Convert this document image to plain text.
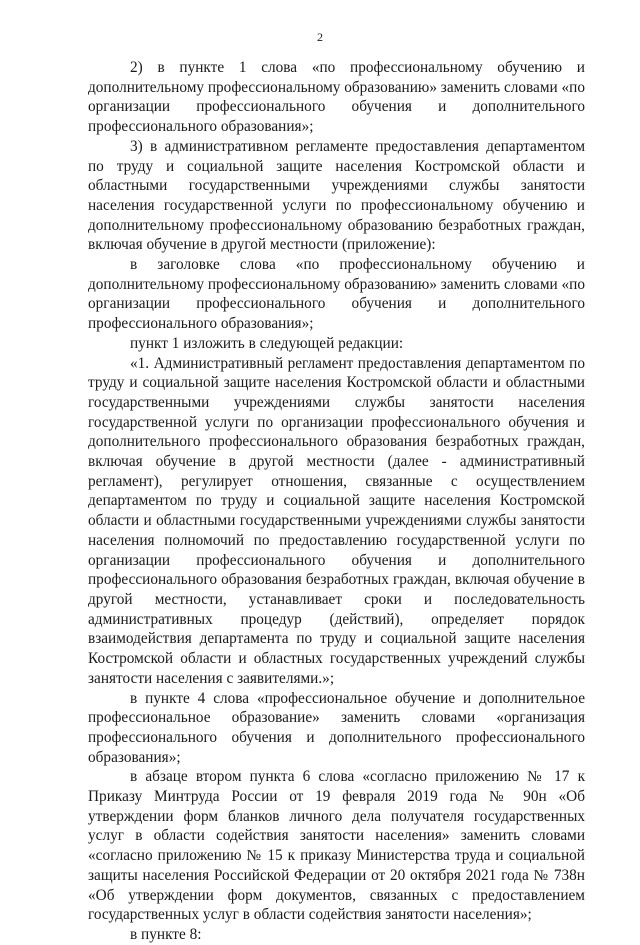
2

2) в пункте 1 слова «по профессиональному обучению и дополнительному профессиональному образованию» заменить словами «по организации профессионального обучения и дополнительного профессионального образования»;

3) в административном регламенте предоставления департаментом по труду и социальной защите населения Костромской области и областными государственными учреждениями службы занятости населения государственной услуги по профессиональному обучению и дополнительному профессиональному образованию безработных граждан, включая обучение в другой местности (приложение):

в заголовке слова «по профессиональному обучению и дополнительному профессиональному образованию» заменить словами «по организации профессионального обучения и дополнительного профессионального образования»;

пункт 1 изложить в следующей редакции:

«1. Административный регламент предоставления департаментом по труду и социальной защите населения Костромской области и областными государственными учреждениями службы занятости населения государственной услуги по организации профессионального обучения и дополнительного профессионального образования безработных граждан, включая обучение в другой местности (далее - административный регламент), регулирует отношения, связанные с осуществлением департаментом по труду и социальной защите населения Костромской области и областными государственными учреждениями службы занятости населения полномочий по предоставлению государственной услуги по организации профессионального обучения и дополнительного профессионального образования безработных граждан, включая обучение в другой местности, устанавливает сроки и последовательность административных процедур (действий), определяет порядок взаимодействия департамента по труду и социальной защите населения Костромской области и областных государственных учреждений службы занятости населения с заявителями.»;

в пункте 4 слова «профессиональное обучение и дополнительное профессиональное образование» заменить словами «организация профессионального обучения и дополнительного профессионального образования»;

в абзаце втором пункта 6 слова «согласно приложению № 17 к Приказу Минтруда России от 19 февраля 2019 года № 90н «Об утверждении форм бланков личного дела получателя государственных услуг в области содействия занятости населения» заменить словами «согласно приложению № 15 к приказу Министерства труда и социальной защиты населения Российской Федерации от 20 октября 2021 года № 738н «Об утверждении форм документов, связанных с предоставлением государственных услуг в области содействия занятости населения»;

в пункте 8:
